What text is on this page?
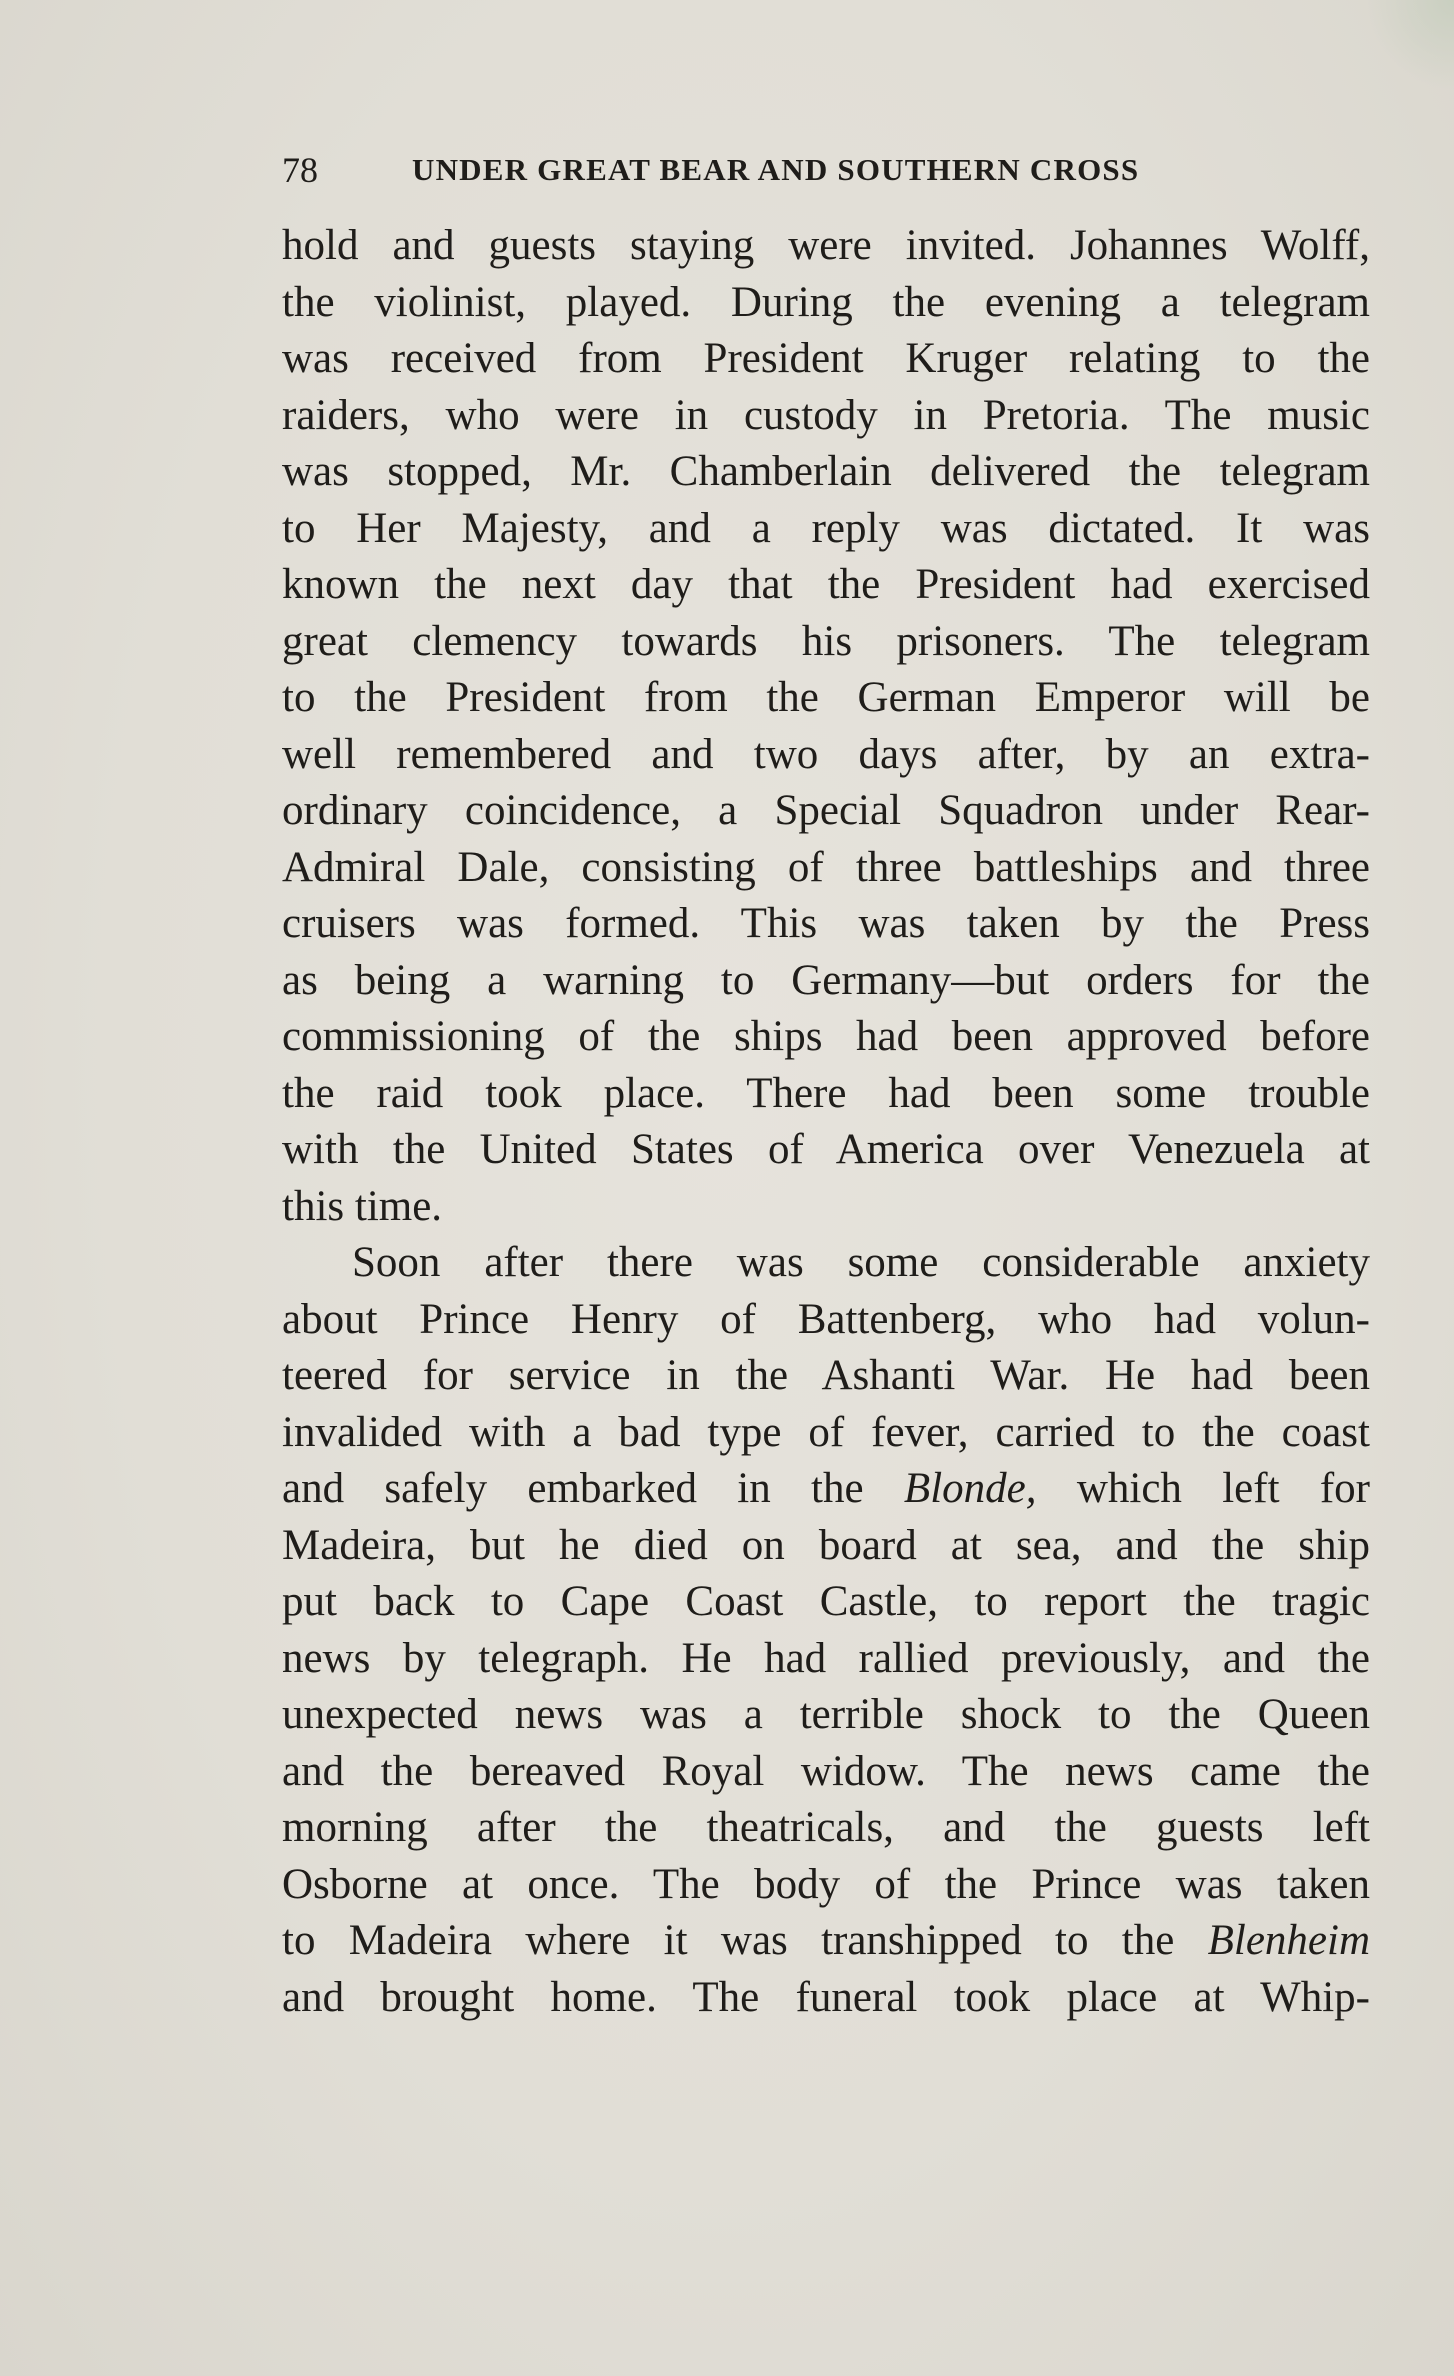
78	UNDER GREAT BEAR AND SOUTHERN CROSS
hold and guests staying were invited. Johannes Wolff,
the violinist, played. During the evening a telegram
was received from President Kruger relating to the
raiders, who were in custody in Pretoria. The music
was stopped, Mr. Chamberlain delivered the telegram
to Her Majesty, and a reply was dictated. It was
known the next day that the President had exercised
great clemency towards his prisoners. The telegram
to the President from the German Emperor will be
well remembered and two days after, by an extra-
ordinary coincidence, a Special Squadron under Rear-
Admiral Dale, consisting of three battleships and three
cruisers was formed. This was taken by the Press
as being a warning to Germany—but orders for the
commissioning of the ships had been approved before
the raid took place. There had been some trouble
with the United States of America over Venezuela at
this time.
Soon after there was some considerable anxiety
about Prince Henry of Battenberg, who had volun-
teered for service in the Ashanti War. He had been
invalided with a bad type of fever, carried to the coast
and safely embarked in the Blonde, which left for
Madeira, but he died on board at sea, and the ship
put back to Cape Coast Castle, to report the tragic
news by telegraph. He had rallied previously, and the
unexpected news was a terrible shock to the Queen
and the bereaved Royal widow. The news came the
morning after the theatricals, and the guests left
Osborne at once. The body of the Prince was taken
to Madeira where it was transhipped to the Blenheim
and brought home. The funeral took place at Whip-
